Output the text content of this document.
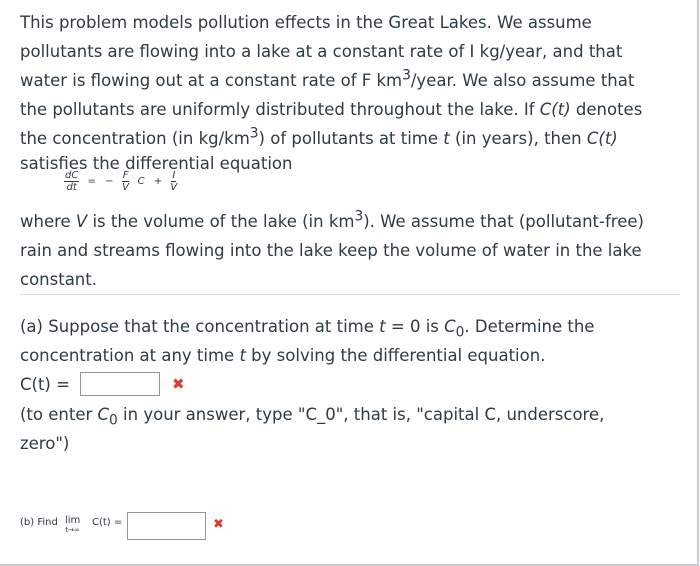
This problem models pollution effects in the Great Lakes. We assume
pollutants are flowing into a lake at a constant rate of I kg/year, and that
water is flowing out at a constant rate of F $km^3$/year. We also assume that
the pollutants are uniformly distributed throughout the lake. If C(t) denotes
the concentration (in $kg/km^3$) of pollutants at time t (in years), then C(t)
satisfies the differential equation
$\frac{dC}{dt}$ = − $\frac{F}{V}$ $C + \frac{I}{V}$
where V is the volume of the lake (in $km^3$). We assume that (pollutant-free)
rain and streams flowing into the lake keep the volume of water in the lake
constant.
(a) Suppose that the concentration at time t = 0 is $C_0$. Determine the
concentration at any time t by solving the differential equation.
C(t) =	✖
(to enter $C_0$ in your answer, type "C_0", that is, "capital C, underscore,
zero")
(b) Find lim
t→∞
C(t) =	✖
